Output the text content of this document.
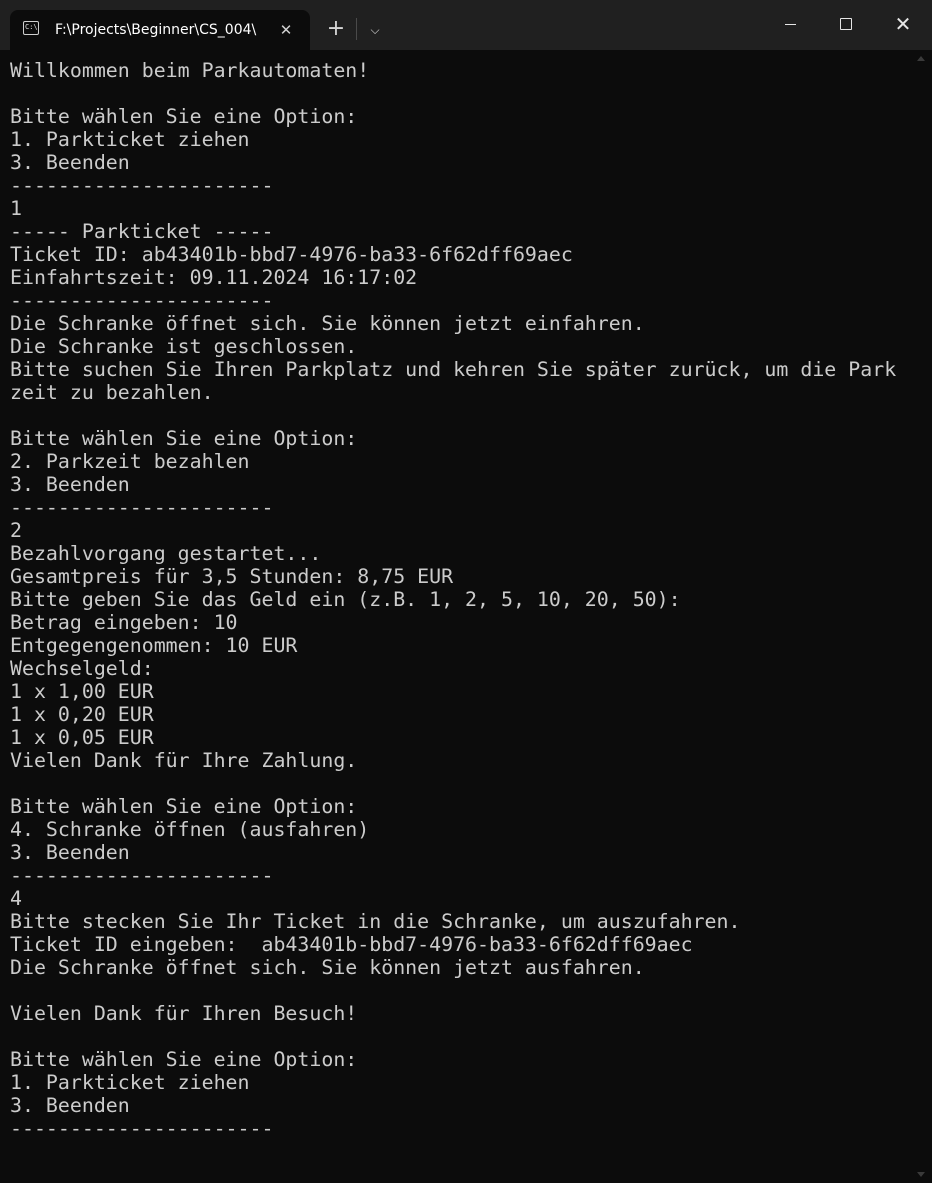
C:\ F:\Projects\Beginner\CS_004\	✕ +	⌵	✕
Willkommen beim Parkautomaten!
Bitte wählen Sie eine Option:
1. Parkticket ziehen
3. Beenden
----------------------
1
----- Parkticket -----
Ticket ID: ab43401b-bbd7-4976-ba33-6f62dff69aec
Einfahrtszeit: 09.11.2024 16:17:02
----------------------
Die Schranke öffnet sich. Sie können jetzt einfahren.
Die Schranke ist geschlossen.
Bitte suchen Sie Ihren Parkplatz und kehren Sie später zurück, um die Park
zeit zu bezahlen.
Bitte wählen Sie eine Option:
2. Parkzeit bezahlen
3. Beenden
----------------------
2
Bezahlvorgang gestartet...
Gesamtpreis für 3,5 Stunden: 8,75 EUR
Bitte geben Sie das Geld ein (z.B. 1, 2, 5, 10, 20, 50):
Betrag eingeben: 10
Entgegengenommen: 10 EUR
Wechselgeld:
1 x 1,00 EUR
1 x 0,20 EUR
1 x 0,05 EUR
Vielen Dank für Ihre Zahlung.
Bitte wählen Sie eine Option:
4. Schranke öffnen (ausfahren)
3. Beenden
----------------------
4
Bitte stecken Sie Ihr Ticket in die Schranke, um auszufahren.
Ticket ID eingeben:  ab43401b-bbd7-4976-ba33-6f62dff69aec
Die Schranke öffnet sich. Sie können jetzt ausfahren.
Vielen Dank für Ihren Besuch!
Bitte wählen Sie eine Option:
1. Parkticket ziehen
3. Beenden
----------------------
